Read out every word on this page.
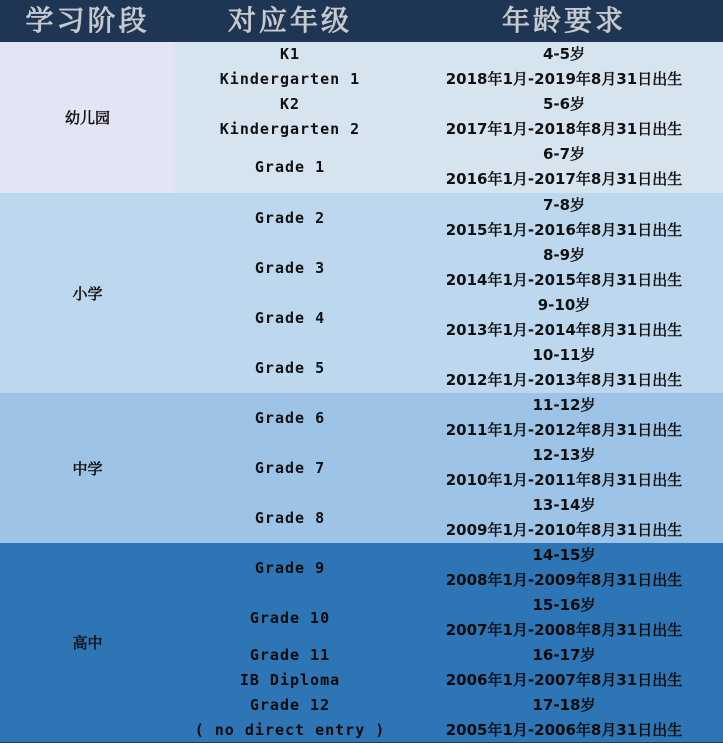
学习阶段	对应年级	年龄要求
幼儿园
K1
Kindergarten 1
4-5岁
2018年1月-2019年8月31日出生
K2
Kindergarten 2
5-6岁
2017年1月-2018年8月31日出生
Grade 1
6-7岁
2016年1月-2017年8月31日出生
小学
Grade 2
7-8岁
2015年1月-2016年8月31日出生
Grade 3
8-9岁
2014年1月-2015年8月31日出生
Grade 4
9-10岁
2013年1月-2014年8月31日出生
Grade 5
10-11岁
2012年1月-2013年8月31日出生
中学
Grade 6
11-12岁
2011年1月-2012年8月31日出生
Grade 7
12-13岁
2010年1月-2011年8月31日出生
Grade 8
13-14岁
2009年1月-2010年8月31日出生
高中
Grade 9
14-15岁
2008年1月-2009年8月31日出生
Grade 10
15-16岁
2007年1月-2008年8月31日出生
Grade 11
IB Diploma
16-17岁
2006年1月-2007年8月31日出生
Grade 12
( no direct entry )
17-18岁
2005年1月-2006年8月31日出生
